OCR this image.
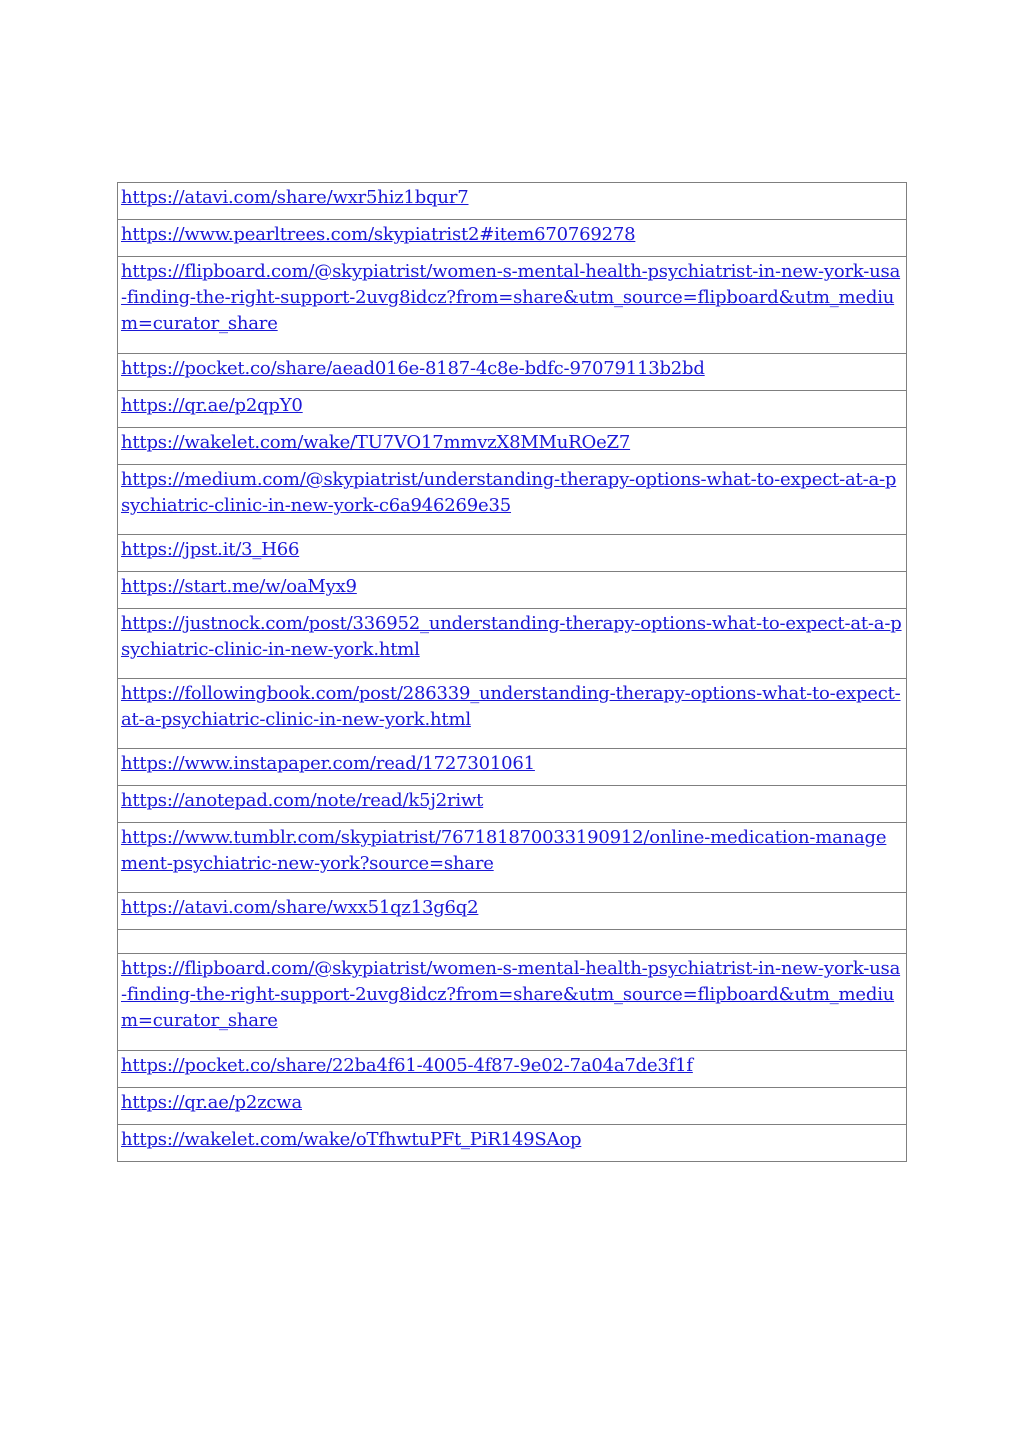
https://atavi.com/share/wxr5hiz1bqur7
https://www.pearltrees.com/skypiatrist2#item670769278
https://flipboard.com/@skypiatrist/women-s-mental-health-psychiatrist-in-new-york-usa-finding-the-right-support-2uvg8idcz?from=share&utm_source=flipboard&utm_medium=curator_share
https://pocket.co/share/aead016e-8187-4c8e-bdfc-97079113b2bd
https://qr.ae/p2qpY0
https://wakelet.com/wake/TU7VO17mmvzX8MMuROeZ7
https://medium.com/@skypiatrist/understanding-therapy-options-what-to-expect-at-a-psychiatric-clinic-in-new-york-c6a946269e35
https://jpst.it/3_H66
https://start.me/w/oaMyx9
https://justnock.com/post/336952_understanding-therapy-options-what-to-expect-at-a-psychiatric-clinic-in-new-york.html
https://followingbook.com/post/286339_understanding-therapy-options-what-to-expect-at-a-psychiatric-clinic-in-new-york.html
https://www.instapaper.com/read/1727301061
https://anotepad.com/note/read/k5j2riwt
https://www.tumblr.com/skypiatrist/767181870033190912/online-medication-management-psychiatric-new-york?source=share
https://atavi.com/share/wxx51qz13g6q2

https://flipboard.com/@skypiatrist/women-s-mental-health-psychiatrist-in-new-york-usa-finding-the-right-support-2uvg8idcz?from=share&utm_source=flipboard&utm_medium=curator_share
https://pocket.co/share/22ba4f61-4005-4f87-9e02-7a04a7de3f1f
https://qr.ae/p2zcwa
https://wakelet.com/wake/oTfhwtuPFt_PiR149SAop
